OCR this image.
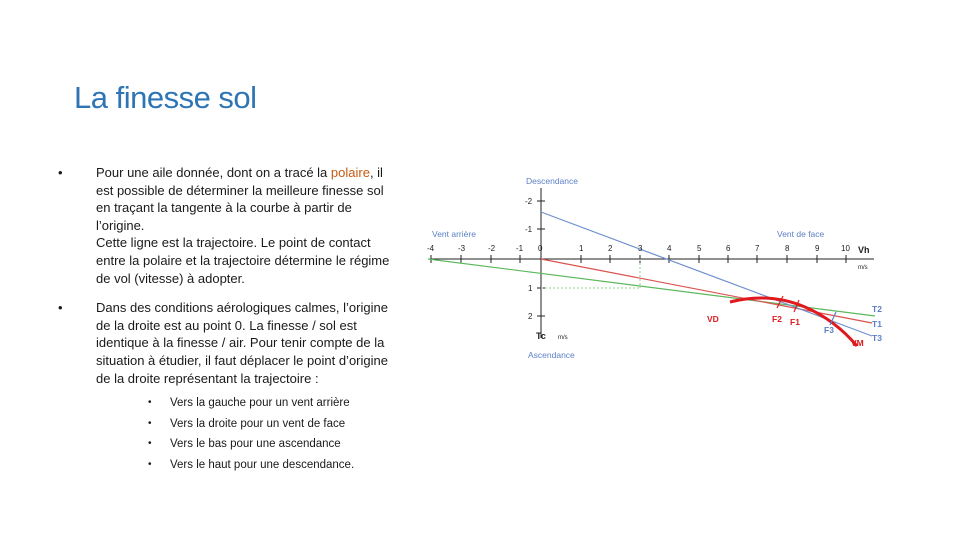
La finesse sol
•	Pour une aile donnée, dont on a tracé la polaire, il est possible de déterminer la meilleure finesse sol en traçant la tangente à la courbe à partir de l’origine.
Cette ligne est la trajectoire. Le point de contact entre la polaire et la trajectoire détermine le régime de vol (vitesse) à adopter.
•	Dans des conditions aérologiques calmes, l’origine de la droite est au point 0. La finesse / sol est identique à la finesse / air. Pour tenir compte de la situation à étudier, il faut déplacer le point d’origine de la droite représentant la trajectoire :
• Vers la gauche pour un vent arrière
• Vers la droite pour un vent de face
• Vers le bas pour une ascendance
• Vers le haut pour une descendance.
Descendance
Ascendance
Vent arrière	Vent de face
Vh
m/s
Tc m/s
-4	-3	-2	-1 0	1	2	3	4	5	6	7	8	9	10
-2
-1
1
2	VD	F2 F1
F3
VM
T2
T1
T3
